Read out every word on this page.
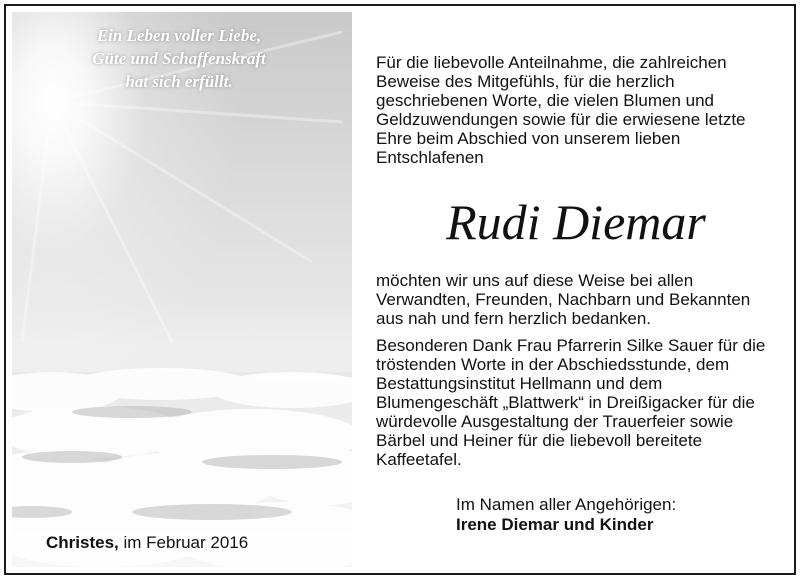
Ein Leben voller Liebe,
Güte und Schaffenskraft
hat sich erfüllt.
Christes, im Februar 2016
Für die liebevolle Anteilnahme, die zahlreichen Beweise des Mitgefühls, für die herzlich geschriebenen Worte, die vielen Blumen und Geldzuwendungen sowie für die erwiesene letzte Ehre beim Abschied von unserem lieben Entschlafenen
Rudi Diemar
möchten wir uns auf diese Weise bei allen Verwandten, Freunden, Nachbarn und Bekannten aus nah und fern herzlich bedanken.
Besonderen Dank Frau Pfarrerin Silke Sauer für die tröstenden Worte in der Abschiedsstunde, dem Bestattungsinstitut Hellmann und dem Blumengeschäft „Blattwerk“ in Dreißigacker für die würdevolle Ausgestaltung der Trauerfeier sowie Bärbel und Heiner für die liebevoll bereitete Kaffeetafel.
Im Namen aller Angehörigen:
Irene Diemar und Kinder
